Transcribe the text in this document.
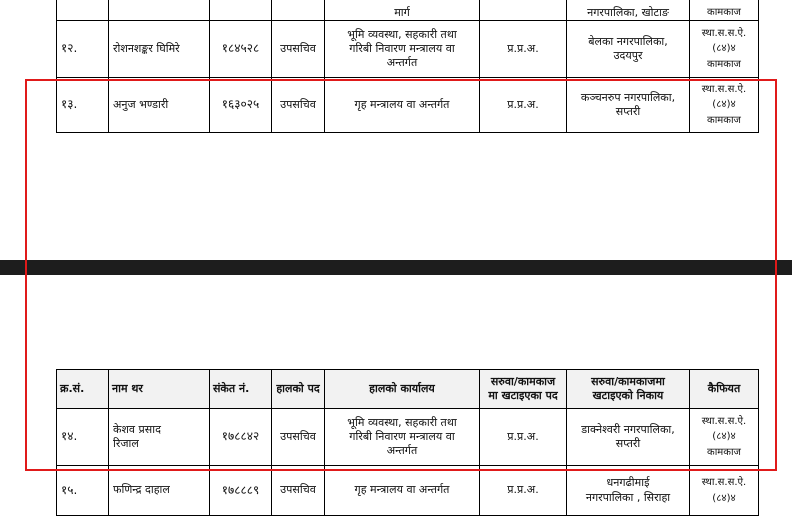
				मार्ग		नगरपालिका, खोटाङ	कामकाज

१२.	रोशनशङ्कर घिमिरे	१८४५२८	उपसचिव	भूमि व्यवस्था, सहकारी तथा
गरिबी निवारण मन्त्रालय वा
अन्तर्गत	प्र.प्र.अ.	बेलका नगरपालिका,
उदयपुर	स्था.स.स.ऐ.
(८४)४
कामकाज

१३.	अनुज भण्डारी	१६३०२५	उपसचिव	गृह मन्त्रालय वा अन्तर्गत	प्र.प्र.अ.	कञ्चनरुप नगरपालिका,
सप्तरी	स्था.स.स.ऐ.
(८४)४
कामकाज
क्र.सं.	नाम थर	संकेत नं.	हालको पद	हालको कार्यालय	सरुवा/कामकाज
मा खटाइएका पद	सरुवा/कामकाजमा
खटाइएको निकाय	कैफियत
१४.	केशव प्रसाद
रिजाल	१७८८४२	उपसचिव	भूमि व्यवस्था, सहकारी तथा
गरिबी निवारण मन्त्रालय वा
अन्तर्गत	प्र.प्र.अ.	डाक्नेश्वरी नगरपालिका,
सप्तरी	स्था.स.स.ऐ.
(८४)४
कामकाज

१५.	फणिन्द्र दाहाल	१७८८८९	उपसचिव	गृह मन्त्रालय वा अन्तर्गत	प्र.प्र.अ.	धनगढीमाई
नगरपालिका , सिराहा	स्था.स.स.ऐ.
(८४)४
